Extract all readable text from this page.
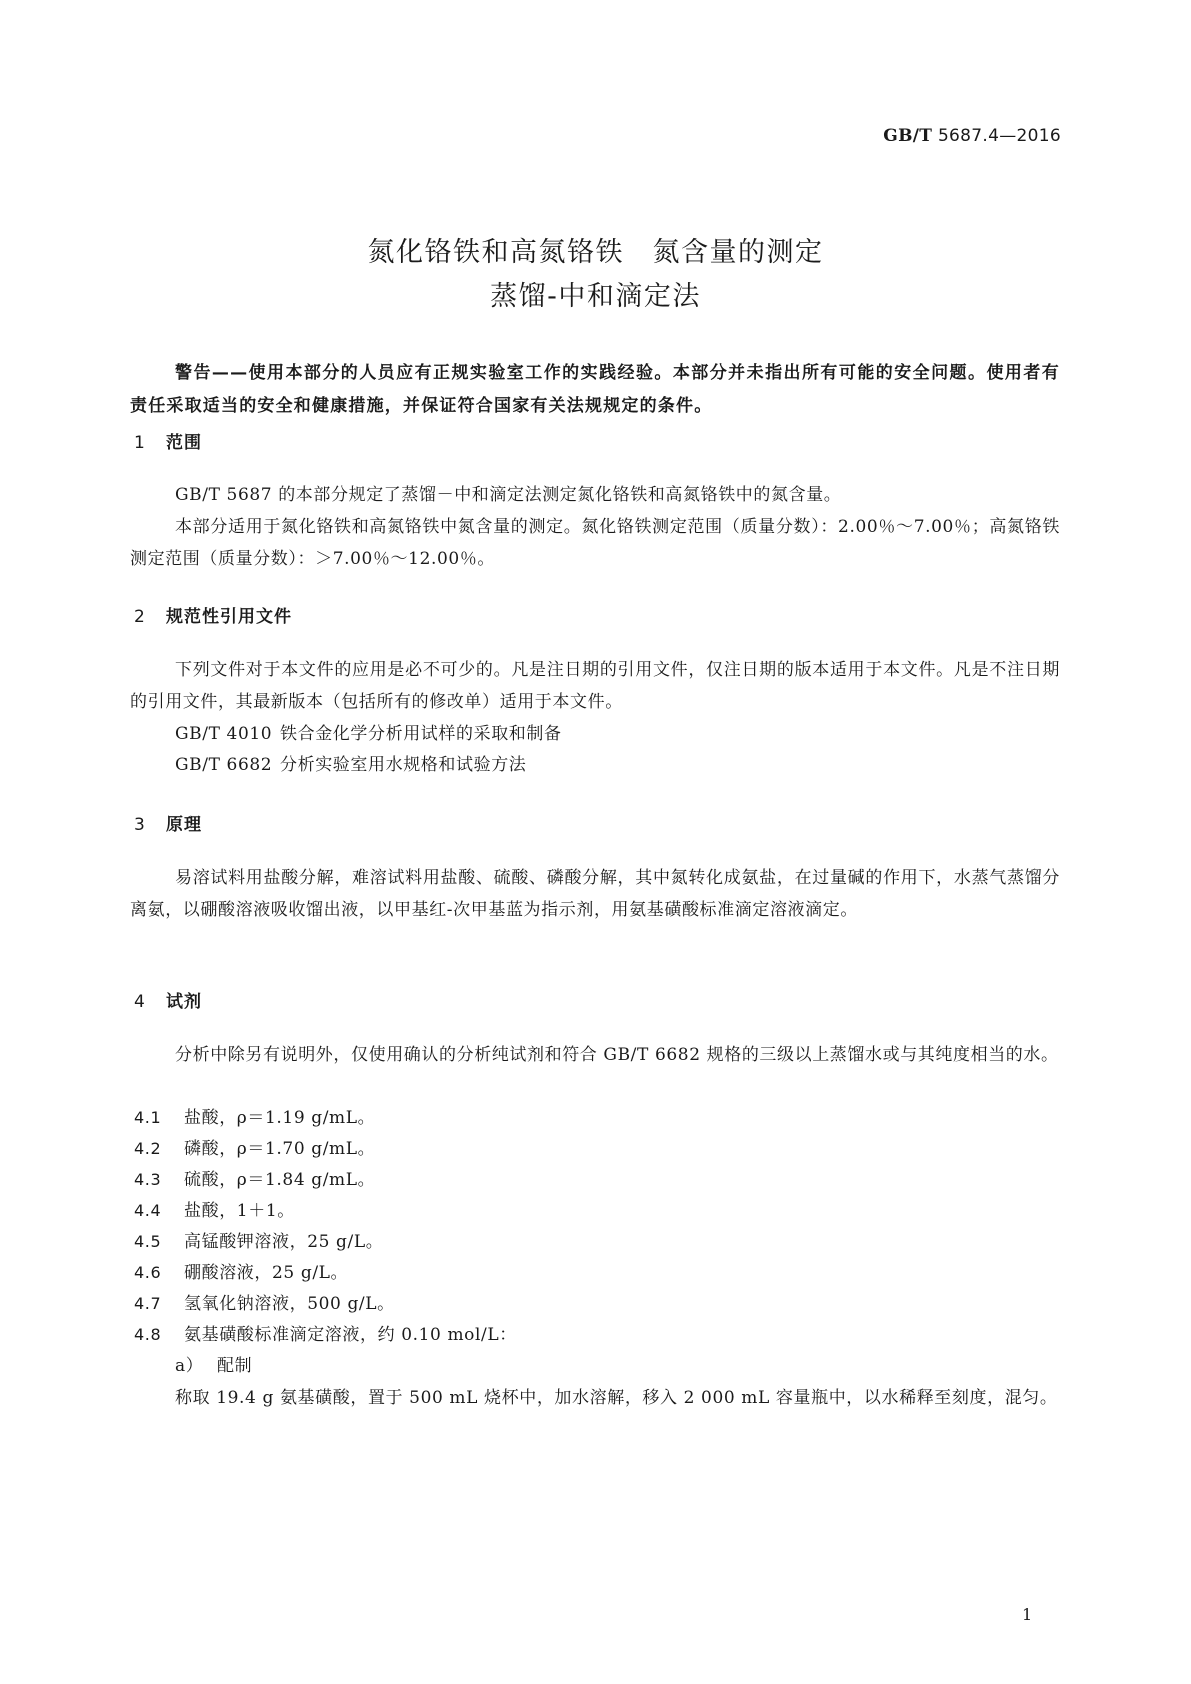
GB/T 5687.4—2016
氮化铬铁和高氮铬铁　氮含量的测定
蒸馏-中和滴定法
警告——使用本部分的人员应有正规实验室工作的实践经验。本部分并未指出所有可能的安全问题。使用者有责任采取适当的安全和健康措施，并保证符合国家有关法规规定的条件。
1 范围
GB/T 5687 的本部分规定了蒸馏－中和滴定法测定氮化铬铁和高氮铬铁中的氮含量。
本部分适用于氮化铬铁和高氮铬铁中氮含量的测定。氮化铬铁测定范围（质量分数）：2.00％～7.00％；高氮铬铁测定范围（质量分数）：＞7.00％～12.00％。
2 规范性引用文件
下列文件对于本文件的应用是必不可少的。凡是注日期的引用文件，仅注日期的版本适用于本文件。凡是不注日期的引用文件，其最新版本（包括所有的修改单）适用于本文件。
GB/T 4010 铁合金化学分析用试样的采取和制备
GB/T 6682 分析实验室用水规格和试验方法
3 原理
易溶试料用盐酸分解，难溶试料用盐酸、硫酸、磷酸分解，其中氮转化成氨盐，在过量碱的作用下，水蒸气蒸馏分离氨，以硼酸溶液吸收馏出液，以甲基红-次甲基蓝为指示剂，用氨基磺酸标准滴定溶液滴定。
4 试剂
分析中除另有说明外，仅使用确认的分析纯试剂和符合 GB/T 6682 规格的三级以上蒸馏水或与其纯度相当的水。
4.1 盐酸，ρ＝1.19 g/mL。
4.2 磷酸，ρ＝1.70 g/mL。
4.3 硫酸，ρ＝1.84 g/mL。
4.4 盐酸，1＋1。
4.5 高锰酸钾溶液，25 g/L。
4.6 硼酸溶液，25 g/L。
4.7 氢氧化钠溶液，500 g/L。
4.8 氨基磺酸标准滴定溶液，约 0.10 mol/L：
a） 配制
称取 19.4 g 氨基磺酸，置于 500 mL 烧杯中，加水溶解，移入 2 000 mL 容量瓶中，以水稀释至刻度，混匀。
1
